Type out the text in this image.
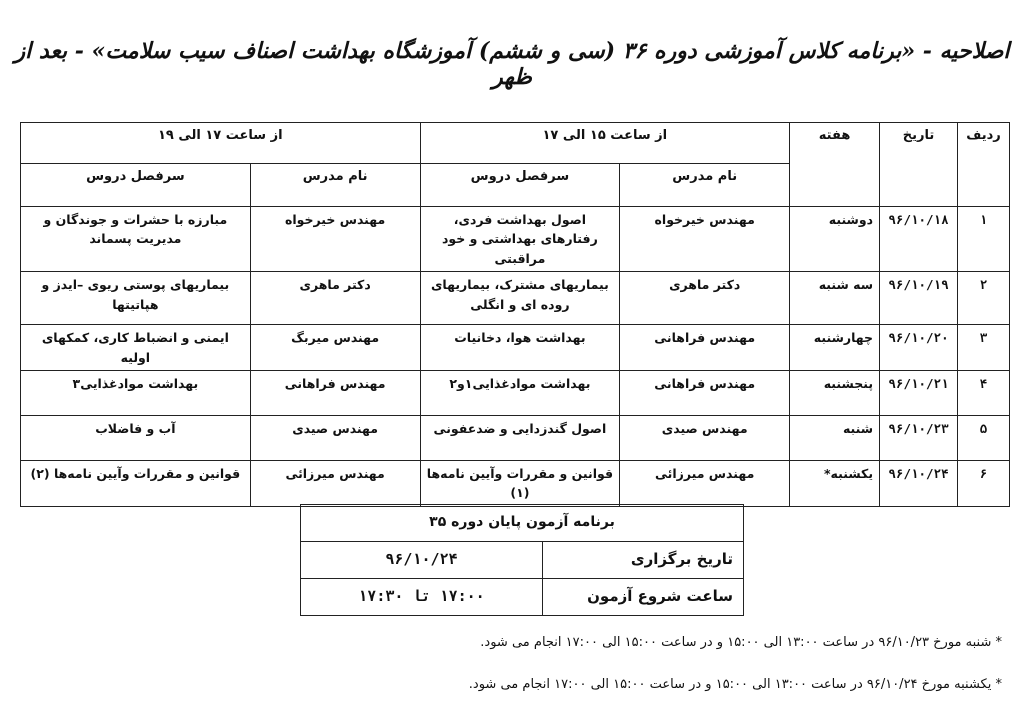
اصلاحیه - «برنامه کلاس آموزشی دوره ۳۶ (سی و ششم) آموزشگاه بهداشت اصناف سیب سلامت» - بعد از ظهر
ردیف	تاریخ	هفته	از ساعت ۱۵ الی ۱۷		از ساعت ۱۷ الی ۱۹	
			نام مدرس	سرفصل دروس	نام مدرس	سرفصل دروس
۱	۹۶/۱۰/۱۸	دوشنبه	مهندس خیرخواه	اصول بهداشت فردی، رفتارهای بهداشتی و خود مراقبتی	مهندس خیرخواه	مبارزه با حشرات و جوندگان و مدیریت پسماند
۲	۹۶/۱۰/۱۹	سه شنبه	دکتر ماهری	بیماریهای مشترک، بیماریهای روده ای و انگلی	دکتر ماهری	بیماریهای پوستی ریوی –ایدز و هپاتیتها
۳	۹۶/۱۰/۲۰	چهارشنبه	مهندس فراهانی	بهداشت هوا، دخانیات	مهندس میربگ	ایمنی و انضباط کاری، کمکهای اولیه
۴	۹۶/۱۰/۲۱	پنجشنبه	مهندس فراهانی	بهداشت موادغذایی۱و۲	مهندس فراهانی	بهداشت موادغذایی۳
۵	۹۶/۱۰/۲۳	شنبه	مهندس صیدی	اصول گندزدایی و ضدعفونی	مهندس صیدی	آب و فاضلاب
۶	۹۶/۱۰/۲۴	یکشنبه*	مهندس میرزائی	قوانین و مقررات وآیین نامه‌ها (۱)	مهندس میرزائی	قوانین و مقررات وآیین نامه‌ها (۲)
برنامه آزمون پایان دوره ۳۵	
تاریخ برگزاری	۹۶/۱۰/۲۴
ساعت شروع آزمون	۱۷:۰۰ تا ۱۷:۳۰
* شنبه مورخ ۹۶/۱۰/۲۳ در ساعت ۱۳:۰۰ الی ۱۵:۰۰ و در ساعت ۱۵:۰۰ الی ۱۷:۰۰ انجام می شود.
* یکشنبه مورخ ۹۶/۱۰/۲۴ در ساعت ۱۳:۰۰ الی ۱۵:۰۰ و در ساعت ۱۵:۰۰ الی ۱۷:۰۰ انجام می شود.
